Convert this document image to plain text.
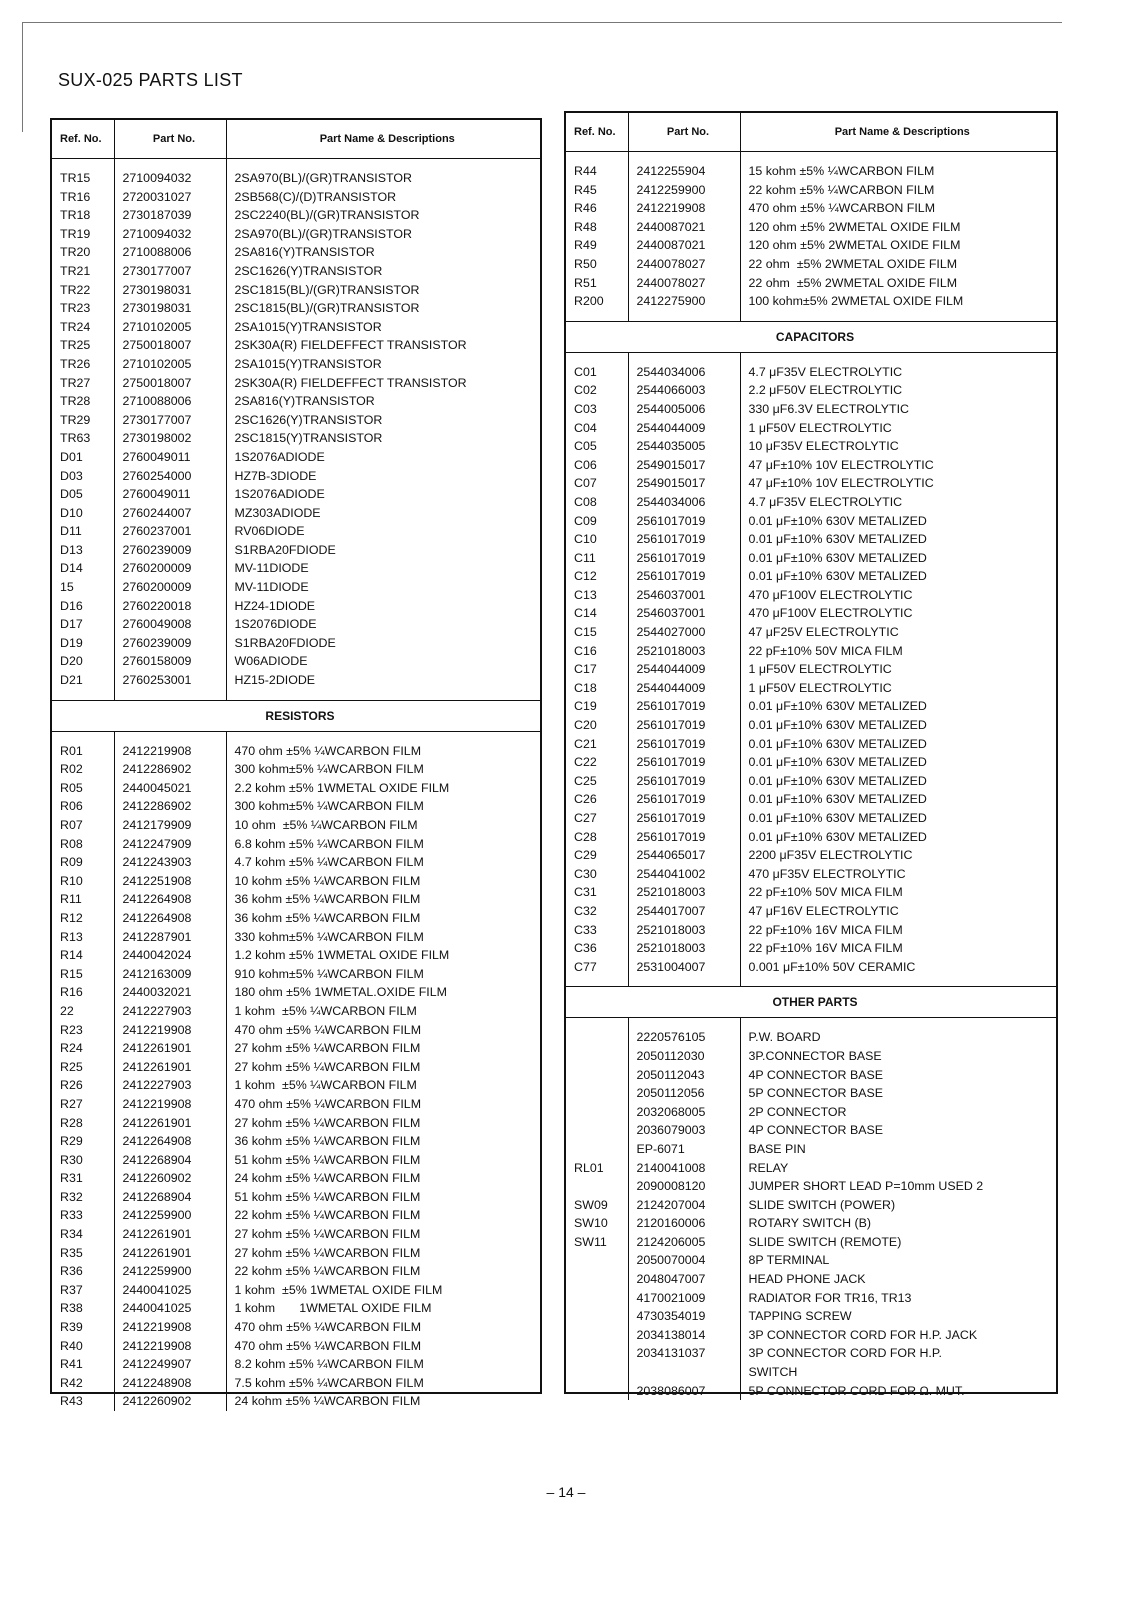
SUX-025 PARTS LIST
Ref. No.	Part No.	Part Name & Descriptions

TR15	2710094032	2SA970(BL)/(GR)TRANSISTOR
TR16	2720031027	2SB568(C)/(D)TRANSISTOR
TR18	2730187039	2SC2240(BL)/(GR)TRANSISTOR
TR19	2710094032	2SA970(BL)/(GR)TRANSISTOR
TR20	2710088006	2SA816(Y)TRANSISTOR
TR21	2730177007	2SC1626(Y)TRANSISTOR
TR22	2730198031	2SC1815(BL)/(GR)TRANSISTOR
TR23	2730198031	2SC1815(BL)/(GR)TRANSISTOR
TR24	2710102005	2SA1015(Y)TRANSISTOR
TR25	2750018007	2SK30A(R) FIELDEFFECT TRANSISTOR
TR26	2710102005	2SA1015(Y)TRANSISTOR
TR27	2750018007	2SK30A(R) FIELDEFFECT TRANSISTOR
TR28	2710088006	2SA816(Y)TRANSISTOR
TR29	2730177007	2SC1626(Y)TRANSISTOR
TR63	2730198002	2SC1815(Y)TRANSISTOR
D01	2760049011	1S2076ADIODE
D03	2760254000	HZ7B-3DIODE
D05	2760049011	1S2076ADIODE
D10	2760244007	MZ303ADIODE
D11	2760237001	RV06DIODE
D13	2760239009	S1RBA20FDIODE
D14	2760200009	MV-11DIODE
15	2760200009	MV-11DIODE
D16	2760220018	HZ24-1DIODE
D17	2760049008	1S2076DIODE
D19	2760239009	S1RBA20FDIODE
D20	2760158009	W06ADIODE
D21	2760253001	HZ15-2DIODE

RESISTORS		

R01	2412219908	470 ohm ±5% ¼WCARBON FILM
R02	2412286902	300 kohm±5% ¼WCARBON FILM
R05	2440045021	2.2 kohm ±5% 1WMETAL OXIDE FILM
R06	2412286902	300 kohm±5% ¼WCARBON FILM
R07	2412179909	10 ohm  ±5% ¼WCARBON FILM
R08	2412247909	6.8 kohm ±5% ¼WCARBON FILM
R09	2412243903	4.7 kohm ±5% ¼WCARBON FILM
R10	2412251908	10 kohm ±5% ¼WCARBON FILM
R11	2412264908	36 kohm ±5% ¼WCARBON FILM
R12	2412264908	36 kohm ±5% ¼WCARBON FILM
R13	2412287901	330 kohm±5% ¼WCARBON FILM
R14	2440042024	1.2 kohm ±5% 1WMETAL OXIDE FILM
R15	2412163009	910 kohm±5% ¼WCARBON FILM
R16	2440032021	180 ohm ±5% 1WMETAL.OXIDE FILM
22	2412227903	1 kohm  ±5% ¼WCARBON FILM
R23	2412219908	470 ohm ±5% ¼WCARBON FILM
R24	2412261901	27 kohm ±5% ¼WCARBON FILM
R25	2412261901	27 kohm ±5% ¼WCARBON FILM
R26	2412227903	1 kohm  ±5% ¼WCARBON FILM
R27	2412219908	470 ohm ±5% ¼WCARBON FILM
R28	2412261901	27 kohm ±5% ¼WCARBON FILM
R29	2412264908	36 kohm ±5% ¼WCARBON FILM
R30	2412268904	51 kohm ±5% ¼WCARBON FILM
R31	2412260902	24 kohm ±5% ¼WCARBON FILM
R32	2412268904	51 kohm ±5% ¼WCARBON FILM
R33	2412259900	22 kohm ±5% ¼WCARBON FILM
R34	2412261901	27 kohm ±5% ¼WCARBON FILM
R35	2412261901	27 kohm ±5% ¼WCARBON FILM
R36	2412259900	22 kohm ±5% ¼WCARBON FILM
R37	2440041025	1 kohm  ±5% 1WMETAL OXIDE FILM
R38	2440041025	1 kohm       1WMETAL OXIDE FILM
R39	2412219908	470 ohm ±5% ¼WCARBON FILM
R40	2412219908	470 ohm ±5% ¼WCARBON FILM
R41	2412249907	8.2 kohm ±5% ¼WCARBON FILM
R42	2412248908	7.5 kohm ±5% ¼WCARBON FILM
R43	2412260902	24 kohm ±5% ¼WCARBON FILM
Ref. No.	Part No.	Part Name & Descriptions

R44	2412255904	15 kohm ±5% ¼WCARBON FILM
R45	2412259900	22 kohm ±5% ¼WCARBON FILM
R46	2412219908	470 ohm ±5% ¼WCARBON FILM
R48	2440087021	120 ohm ±5% 2WMETAL OXIDE FILM
R49	2440087021	120 ohm ±5% 2WMETAL OXIDE FILM
R50	2440078027	22 ohm  ±5% 2WMETAL OXIDE FILM
R51	2440078027	22 ohm  ±5% 2WMETAL OXIDE FILM
R200	2412275900	100 kohm±5% 2WMETAL OXIDE FILM

CAPACITORS		

C01	2544034006	4.7 μF35V ELECTROLYTIC
C02	2544066003	2.2 μF50V ELECTROLYTIC
C03	2544005006	330 μF6.3V ELECTROLYTIC
C04	2544044009	1 μF50V ELECTROLYTIC
C05	2544035005	10 μF35V ELECTROLYTIC
C06	2549015017	47 μF±10% 10V ELECTROLYTIC
C07	2549015017	47 μF±10% 10V ELECTROLYTIC
C08	2544034006	4.7 μF35V ELECTROLYTIC
C09	2561017019	0.01 μF±10% 630V METALIZED
C10	2561017019	0.01 μF±10% 630V METALIZED
C11	2561017019	0.01 μF±10% 630V METALIZED
C12	2561017019	0.01 μF±10% 630V METALIZED
C13	2546037001	470 μF100V ELECTROLYTIC
C14	2546037001	470 μF100V ELECTROLYTIC
C15	2544027000	47 μF25V ELECTROLYTIC
C16	2521018003	22 pF±10% 50V MICA FILM
C17	2544044009	1 μF50V ELECTROLYTIC
C18	2544044009	1 μF50V ELECTROLYTIC
C19	2561017019	0.01 μF±10% 630V METALIZED
C20	2561017019	0.01 μF±10% 630V METALIZED
C21	2561017019	0.01 μF±10% 630V METALIZED
C22	2561017019	0.01 μF±10% 630V METALIZED
C25	2561017019	0.01 μF±10% 630V METALIZED
C26	2561017019	0.01 μF±10% 630V METALIZED
C27	2561017019	0.01 μF±10% 630V METALIZED
C28	2561017019	0.01 μF±10% 630V METALIZED
C29	2544065017	2200 μF35V ELECTROLYTIC
C30	2544041002	470 μF35V ELECTROLYTIC
C31	2521018003	22 pF±10% 50V MICA FILM
C32	2544017007	47 μF16V ELECTROLYTIC
C33	2521018003	22 pF±10% 16V MICA FILM
C36	2521018003	22 pF±10% 16V MICA FILM
C77	2531004007	0.001 μF±10% 50V CERAMIC

OTHER PARTS		

	2220576105	P.W. BOARD
	2050112030	3P.CONNECTOR BASE
	2050112043	4P CONNECTOR BASE
	2050112056	5P CONNECTOR BASE
	2032068005	2P CONNECTOR
	2036079003	4P CONNECTOR BASE
	EP-6071	BASE PIN
RL01	2140041008	RELAY
	2090008120	JUMPER SHORT LEAD P=10mm USED 2
SW09	2124207004	SLIDE SWITCH (POWER)
SW10	2120160006	ROTARY SWITCH (B)
SW11	2124206005	SLIDE SWITCH (REMOTE)
	2050070004	8P TERMINAL
	2048047007	HEAD PHONE JACK
	4170021009	RADIATOR FOR TR16, TR13
	4730354019	TAPPING SCREW
	2034138014	3P CONNECTOR CORD FOR H.P. JACK
	2034131037	3P CONNECTOR CORD FOR H.P.
		SWITCH
	2038086007	5P CONNECTOR CORD FOR Ω. MUT.
– 14 –
